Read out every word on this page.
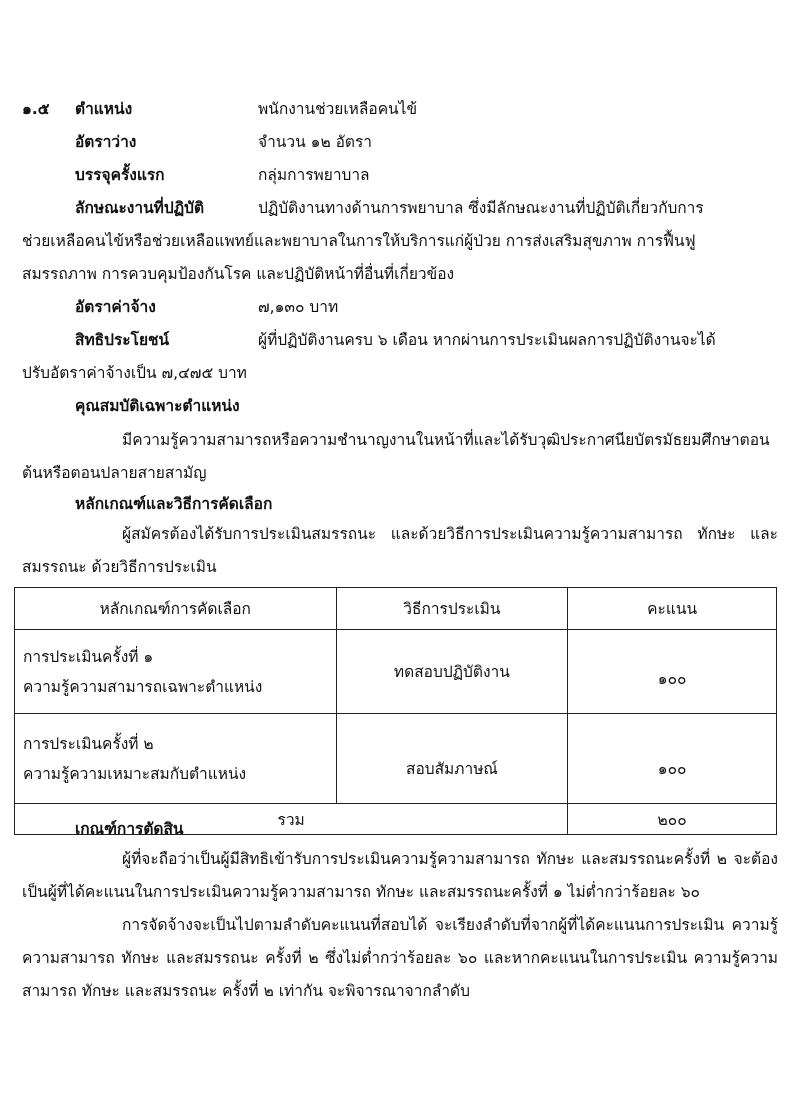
๑.๕ ตำแหน่ง	พนักงานช่วยเหลือคนไข้
อัตราว่าง	จำนวน ๑๒ อัตรา
บรรจุครั้งแรก	กลุ่มการพยาบาล
ลักษณะงานที่ปฏิบัติ	ปฏิบัติงานทางด้านการพยาบาล ซึ่งมีลักษณะงานที่ปฏิบัติเกี่ยวกับการ
ช่วยเหลือคนไข้หรือช่วยเหลือแพทย์และพยาบาลในการให้บริการแก่ผู้ป่วย การส่งเสริมสุขภาพ การฟื้นฟู
สมรรถภาพ การควบคุมป้องกันโรค และปฏิบัติหน้าที่อื่นที่เกี่ยวข้อง
อัตราค่าจ้าง	๗,๑๓๐ บาท
สิทธิประโยชน์	ผู้ที่ปฏิบัติงานครบ ๖ เดือน หากผ่านการประเมินผลการปฏิบัติงานจะได้
ปรับอัตราค่าจ้างเป็น ๗,๔๗๕ บาท
คุณสมบัติเฉพาะตำแหน่ง
มีความรู้ความสามารถหรือความชำนาญงานในหน้าที่และได้รับวุฒิประกาศนียบัตรมัธยมศึกษาตอนต้นหรือตอนปลายสายสามัญ
หลักเกณฑ์และวิธีการคัดเลือก
ผู้สมัครต้องได้รับการประเมินสมรรถนะ และด้วยวิธีการประเมินความรู้ความสามารถ ทักษะ และสมรรถนะ ด้วยวิธีการประเมิน
หลักเกณฑ์การคัดเลือก	วิธีการประเมิน	คะแนน

การประเมินครั้งที่ ๑
ความรู้ความสามารถเฉพาะตำแหน่ง	ทดสอบปฏิบัติงาน	๑๐๐

การประเมินครั้งที่ ๒
ความรู้ความเหมาะสมกับตำแหน่ง	สอบสัมภาษณ์	๑๐๐
รวม		๒๐๐
เกณฑ์การตัดสิน
ผู้ที่จะถือว่าเป็นผู้มีสิทธิเข้ารับการประเมินความรู้ความสามารถ ทักษะ และสมรรถนะครั้งที่ ๒ จะต้องเป็นผู้ที่ได้คะแนนในการประเมินความรู้ความสามารถ ทักษะ และสมรรถนะครั้งที่ ๑ ไม่ต่ำกว่าร้อยละ ๖๐
การจัดจ้างจะเป็นไปตามลำดับคะแนนที่สอบได้ จะเรียงลำดับที่จากผู้ที่ได้คะแนนการประเมิน ความรู้ความสามารถ ทักษะ และสมรรถนะ ครั้งที่ ๒ ซึ่งไม่ต่ำกว่าร้อยละ ๖๐ และหากคะแนนในการประเมิน ความรู้ความสามารถ ทักษะ และสมรรถนะ ครั้งที่ ๒ เท่ากัน จะพิจารณาจากลำดับ
